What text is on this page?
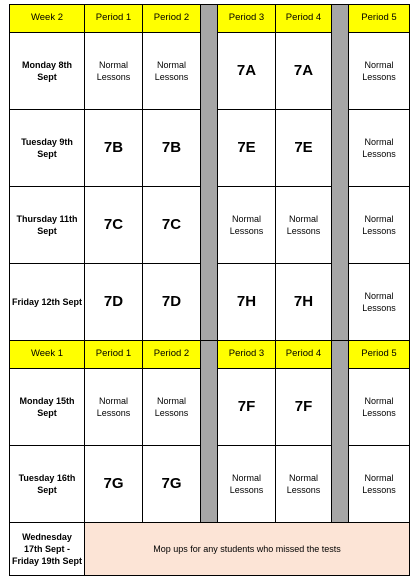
Week 2	Period 1	Period 2		Period 3	Period 4		Period 5

Monday 8th
Sept	Normal
Lessons	Normal
Lessons		7A	7A		Normal
Lessons

Tuesday 9th
Sept	7B	7B		7E	7E		Normal
Lessons

Thursday 11th
Sept	7C	7C		Normal
Lessons	Normal
Lessons		Normal
Lessons

Friday 12th Sept	7D	7D		7H	7H		Normal
Lessons

Week 1	Period 1	Period 2		Period 3	Period 4		Period 5

Monday 15th
Sept	Normal
Lessons	Normal
Lessons		7F	7F		Normal
Lessons

Tuesday 16th
Sept	7G	7G		Normal
Lessons	Normal
Lessons		Normal
Lessons

Wednesday
17th Sept -
Friday 19th Sept	Mop ups for any students who missed the tests						
